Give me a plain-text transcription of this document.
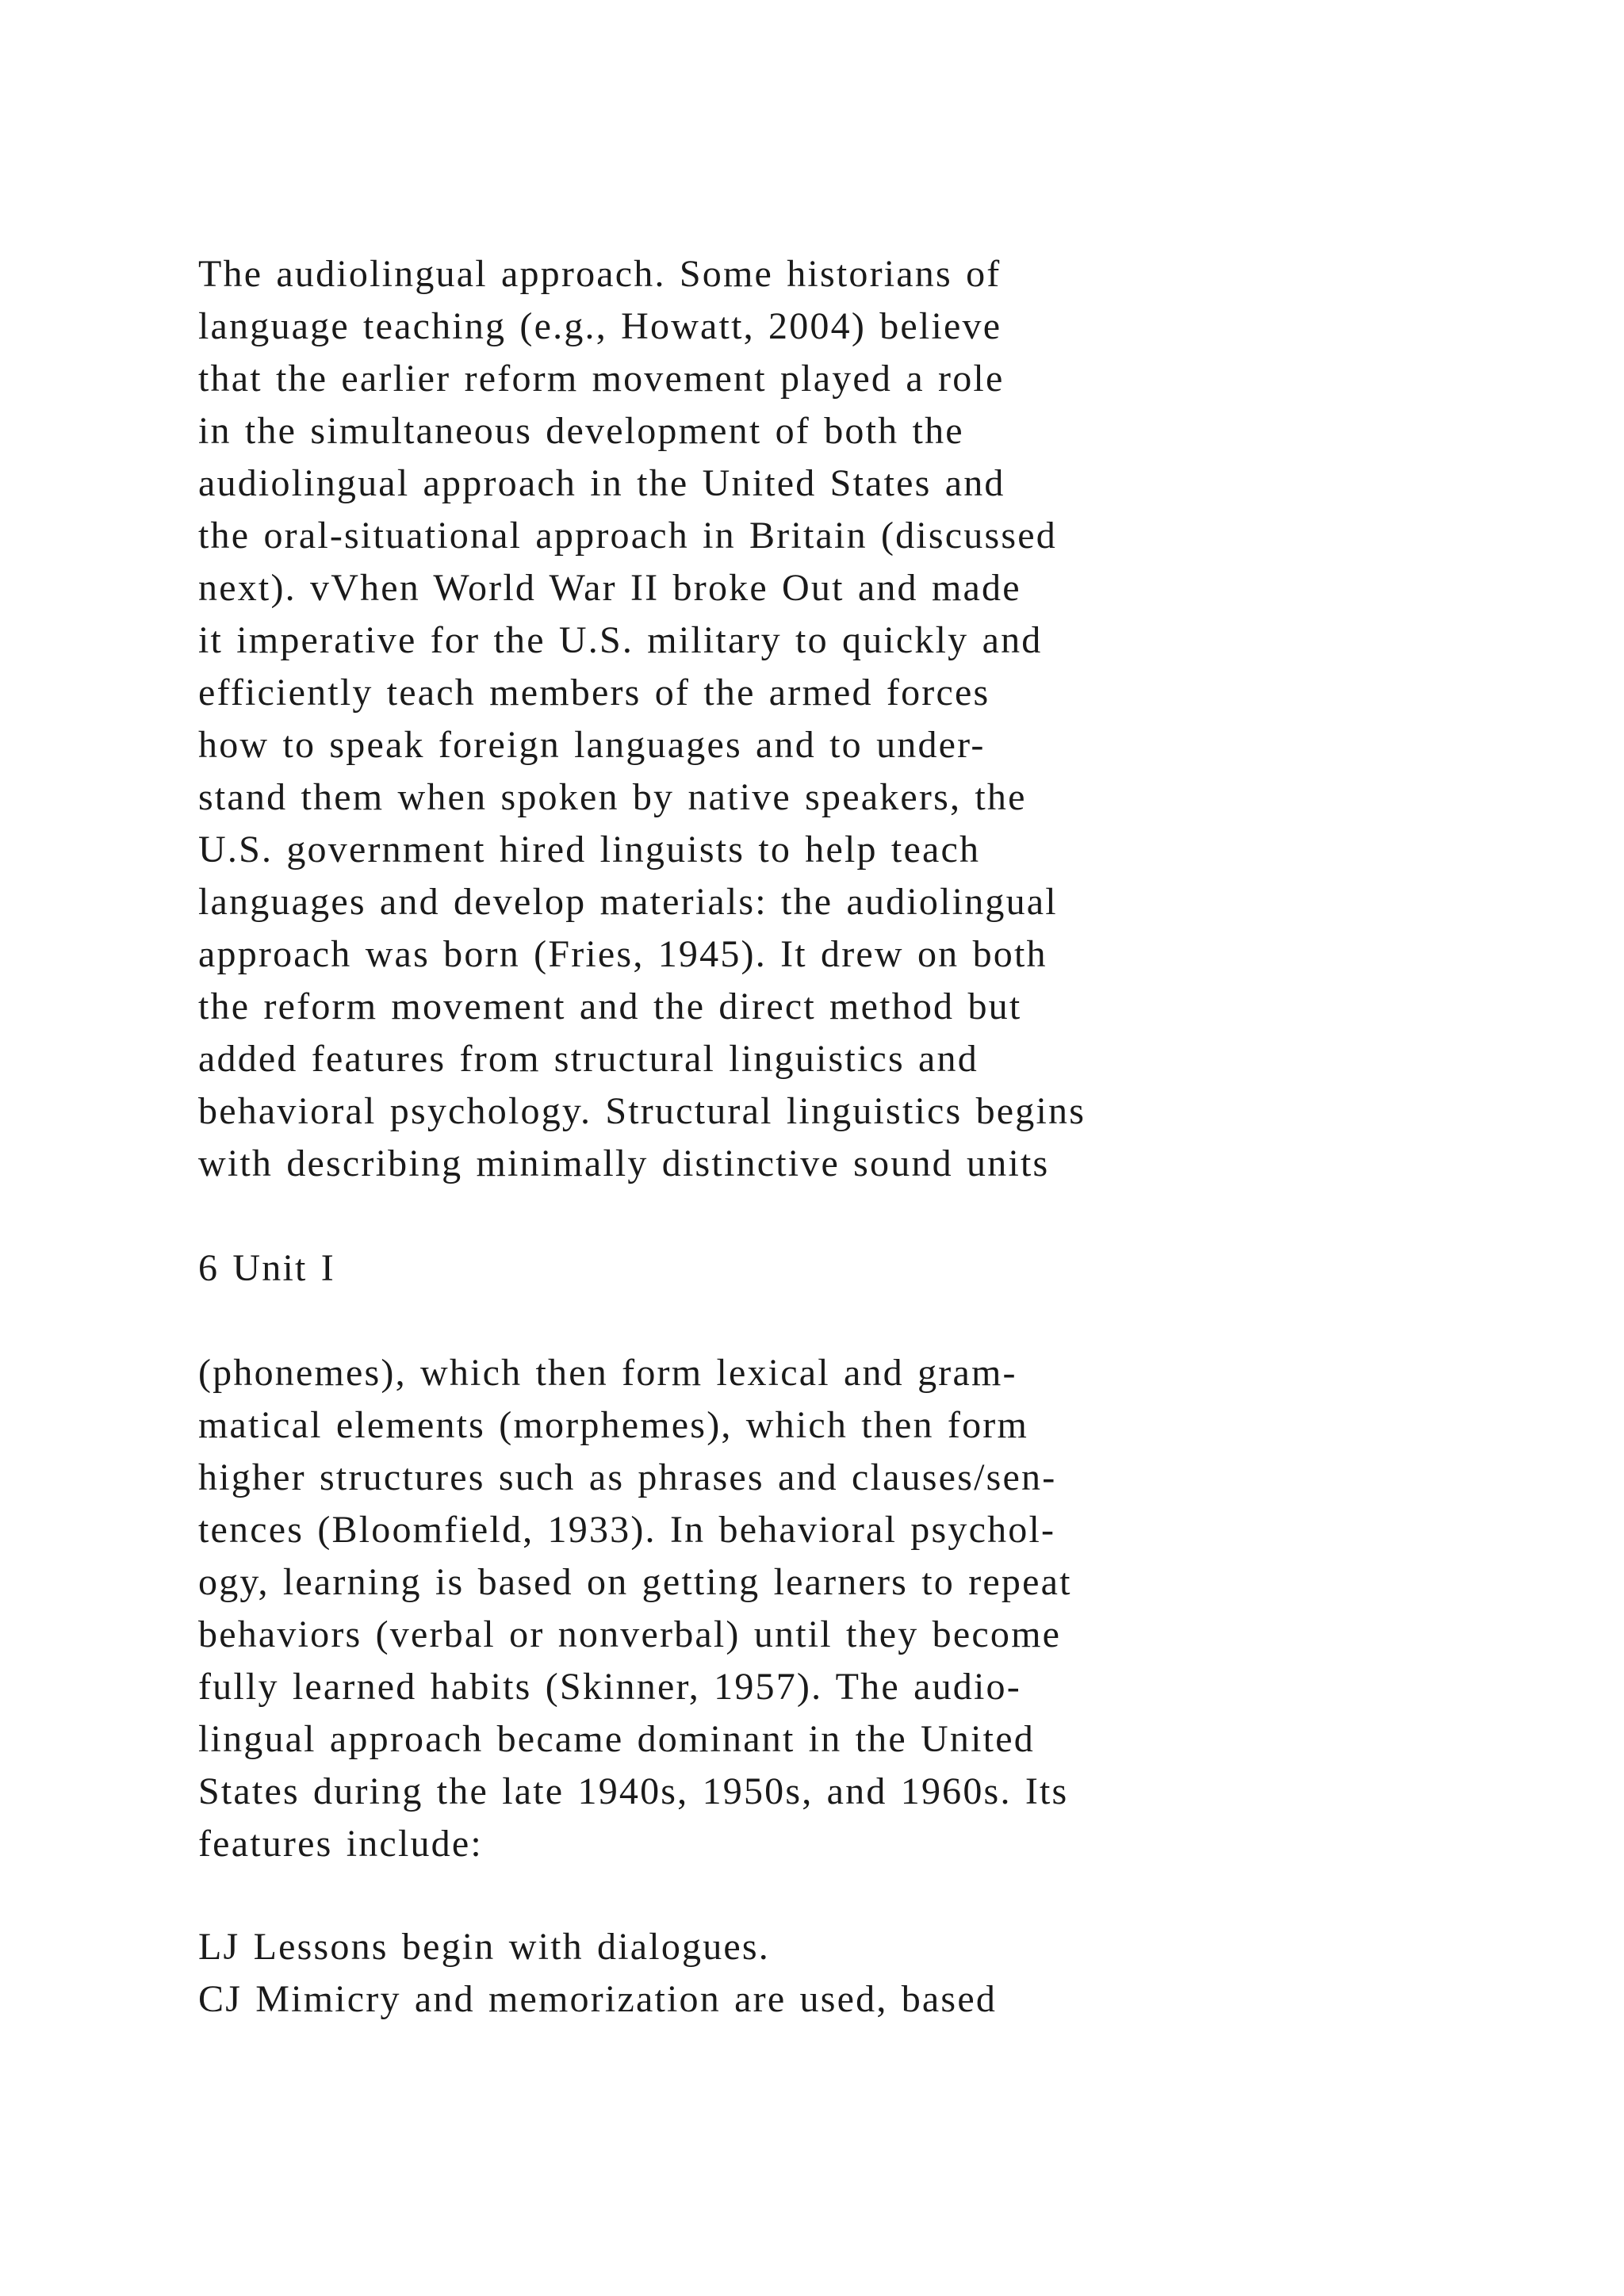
The audiolingual approach. Some historians of
language teaching (e.g., Howatt, 2004) believe
that the earlier reform movement played a role
in the simultaneous development of both the
audiolingual approach in the United States and
the oral-situational approach in Britain (discussed
next). vVhen World War II broke Out and made
it imperative for the U.S. military to quickly and
efficiently teach members of the armed forces
how to speak foreign languages and to under-
stand them when spoken by native speakers, the
U.S. government hired linguists to help teach
languages and develop materials: the audiolingual
approach was born (Fries, 1945). It drew on both
the reform movement and the direct method but
added features from structural linguistics and
behavioral psychology. Structural linguistics begins
with describing minimally distinctive sound units
6 Unit I
(phonemes), which then form lexical and gram-
matical elements (morphemes), which then form
higher structures such as phrases and clauses/sen-
tences (Bloomfield, 1933). In behavioral psychol-
ogy, learning is based on getting learners to repeat
behaviors (verbal or nonverbal) until they become
fully learned habits (Skinner, 1957). The audio-
lingual approach became dominant in the United
States during the late 1940s, 1950s, and 1960s. Its
features include:
LJ Lessons begin with dialogues.
CJ Mimicry and memorization are used, based
